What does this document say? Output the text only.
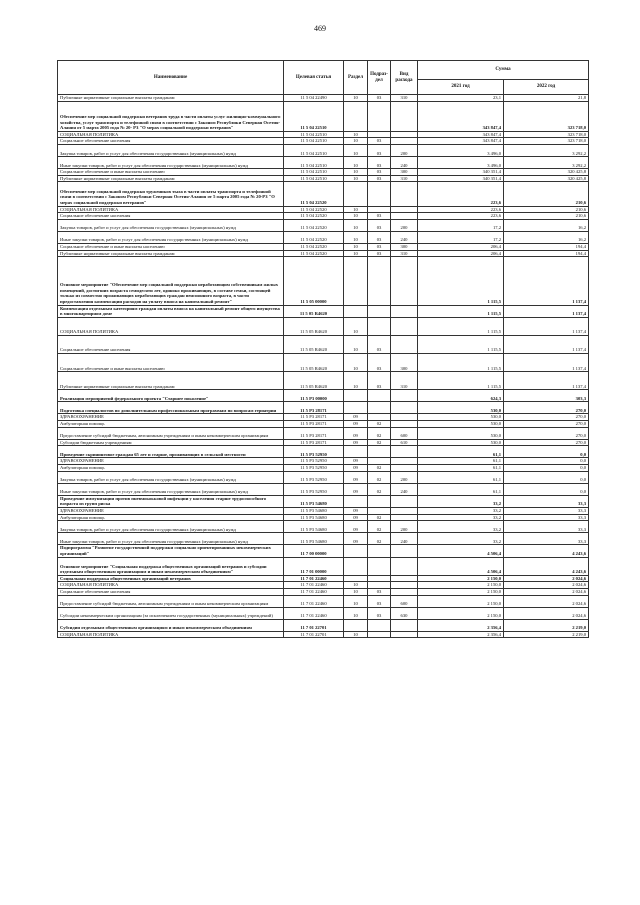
469
Наименование	Целевая статья	Раздел	Подраз-дел	Вид расхода	Сумма	
					2021 год	2022 год
Публичные нормативные социальные выплаты гражданам	11 5 04 22490	10	03	310	23,1	21,8
Обеспечение мер социальной поддержки ветеранов труда в части оплаты услуг жилищно-коммунального хозяйства, услуг транспорта и телефонной связи в соответствии с Законом Республики Северная Осетия-Алания от 5 марта 2005 года № 20- РЗ "О мерах социальной поддержки ветеранов"	11 5 04 22510				343 847,4	323 718,0
СОЦИАЛЬНАЯ ПОЛИТИКА	11 5 04 22510	10			343 847,4	323 718,0
Социальное обеспечение населения	11 5 04 22510	10	03		343 847,4	323 718,0
Закупка товаров, работ и услуг для обеспечения государственных (муниципальных) нужд	11 5 04 22510	10	03	200	3 496,0	3 292,2
Иные закупки товаров, работ и услуг для обеспечения государственных (муниципальных) нужд	11 5 04 22510	10	03	240	3 496,0	3 292,2
Социальное обеспечение и иные выплаты населению	11 5 04 22510	10	03	300	340 351,4	320 425,8
Публичные нормативные социальные выплаты гражданам	11 5 04 22510	10	03	310	340 351,4	320 425,8
Обеспечение мер социальной поддержки тружеников тыла в части оплаты транспорта и телефонной связи в соответствии с Законом Республики Северная Осетия-Алания от 5 марта 2005 года № 20-РЗ "О мерах социальной поддержки ветеранов"	11 5 04 22520				223,6	210,6
СОЦИАЛЬНАЯ ПОЛИТИКА	11 5 04 22520	10			223,6	210,6
Социальное обеспечение населения	11 5 04 22520	10	03		223,6	210,6
Закупка товаров, работ и услуг для обеспечения государственных (муниципальных) нужд	11 5 04 22520	10	03	200	17,2	16,2
Иные закупки товаров, работ и услуг для обеспечения государственных (муниципальных) нужд	11 5 04 22520	10	03	240	17,2	16,2
Социальное обеспечение и иные выплаты населению	11 5 04 22520	10	03	300	206,4	194,4
Публичные нормативные социальные выплаты гражданам	11 5 04 22520	10	03	310	206,4	194,4
Основное мероприятие "Обеспечение мер социальной поддержки неработающим собственникам жилых помещений, достигших возраста семидесяти лет, одиноко проживающих, в составе семьи, состоящей только из совместно проживающих неработающих граждан пенсионного возраста, в части предоставления компенсации расходов на уплату взноса на капитальный ремонт"	11 5 05 00000				1 115,5	1 137,4
Компенсация отдельным категориям граждан оплаты взноса на капитальный ремонт общего имущества в многоквартирном доме	11 5 05 R4620				1 115,5	1 137,4
СОЦИАЛЬНАЯ ПОЛИТИКА	11 5 05 R4620	10			1 115,5	1 137,4
Социальное обеспечение населения	11 5 05 R4620	10	03		1 115,5	1 137,4
Социальное обеспечение и иные выплаты населению	11 5 05 R4620	10	03	300	1 115,5	1 137,4
Публичные нормативные социальные выплаты гражданам	11 5 05 R4620	10	03	310	1 115,5	1 137,4
Реализация мероприятий федерального проекта "Старшее поколение"	11 5 P3 00000				624,3	303,3
Подготовка специалистов по дополнительным профессиональным программам по вопросам гериатрии	11 5 P3 28171				530,0	270,0
ЗДРАВООХРАНЕНИЕ	11 5 P3 28171	09			530,0	270,0
Амбулаторная помощь	11 5 P3 28171	09	02		530,0	270,0
Предоставление субсидий бюджетным, автономным учреждениям и иным некоммерческим организациям	11 5 P3 28171	09	02	600	530,0	270,0
Субсидии бюджетным учреждениям	11 5 P3 28171	09	02	610	530,0	270,0
Проведение скрининговое граждан 65 лет и старше, проживающих в сельской местности	11 5 P3 52950				61,1	0,0
ЗДРАВООХРАНЕНИЕ	11 5 P3 52950	09			61,1	0,0
Амбулаторная помощь	11 5 P3 52950	09	02		61,1	0,0
Закупка товаров, работ и услуг для обеспечения государственных (муниципальных) нужд	11 5 P3 52950	09	02	200	61,1	0,0
Иные закупки товаров, работ и услуг для обеспечения государственных (муниципальных) нужд	11 5 P3 52950	09	02	240	61,1	0,0
Проведение иммунизации против пневмококковой инфекции у населения старше трудоспособного возраста из групп риска	11 5 P3 54680				33,2	33,3
ЗДРАВООХРАНЕНИЕ	11 5 P3 54680	09			33,2	33,3
Амбулаторная помощь	11 5 P3 54680	09	02		33,2	33,3
Закупка товаров, работ и услуг для обеспечения государственных (муниципальных) нужд	11 5 P3 54680	09	02	200	33,2	33,3
Иные закупки товаров, работ и услуг для обеспечения государственных (муниципальных) нужд	11 5 P3 54680	09	02	240	33,2	33,3
Подпрограмма "Развитие государственной поддержки социально ориентированных некоммерческих организаций"	11 7 00 00000				4 506,4	4 243,6
Основное мероприятие "Социальная поддержка общественных организаций ветеранов и субсидии отдельным общественным организациям и иным некоммерческим объединениям"	11 7 01 00000				4 506,4	4 243,6
Социальная поддержка общественных организаций ветеранов	11 7 01 22460				2 150,0	2 024,6
СОЦИАЛЬНАЯ ПОЛИТИКА	11 7 01 22460	10			2 150,0	2 024,6
Социальное обеспечение населения	11 7 01 22460	10	03		2 150,0	2 024,6
Предоставление субсидий бюджетным, автономным учреждениям и иным некоммерческим организациям	11 7 01 22460	10	03	600	2 150,0	2 024,6
Субсидии некоммерческим организациям (за исключением государственных (муниципальных) учреждений)	11 7 01 22460	10	03	630	2 150,0	2 024,6
Субсидии отдельным общественным организациям и иным некоммерческим объединениям	11 7 01 22701				2 356,4	2 219,0
СОЦИАЛЬНАЯ ПОЛИТИКА	11 7 01 22701	10			2 356,4	2 219,0
